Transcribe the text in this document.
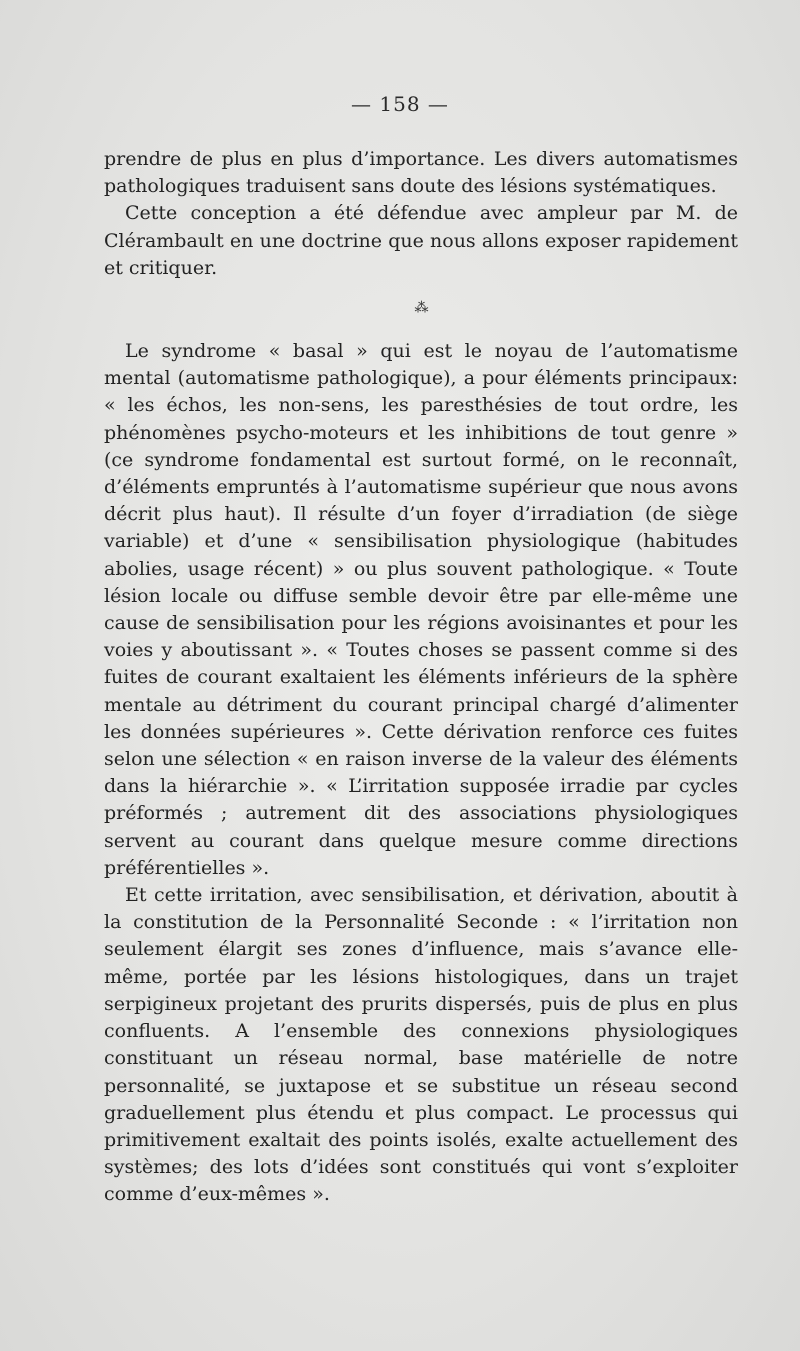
— 158 —

prendre de plus en plus d’importance. Les divers automatismes pathologiques traduisent sans doute des lésions systématiques.

Cette conception a été défendue avec ampleur par M. de Clérambault en une doctrine que nous allons exposer rapidement et critiquer.

⁂

Le syndrome « basal » qui est le noyau de l’automatisme mental (automatisme pathologique), a pour éléments principaux: « les échos, les non-sens, les paresthésies de tout ordre, les phénomènes psycho-moteurs et les inhibitions de tout genre » (ce syndrome fondamental est surtout formé, on le reconnaît, d’éléments empruntés à l’automatisme supérieur que nous avons décrit plus haut). Il résulte d’un foyer d’irradiation (de siège variable) et d’une « sensibilisation physiologique (habitudes abolies, usage récent) » ou plus souvent pathologique. « Toute lésion locale ou diffuse semble devoir être par elle-même une cause de sensibilisation pour les régions avoisinantes et pour les voies y aboutissant ». « Toutes choses se passent comme si des fuites de courant exaltaient les éléments inférieurs de la sphère mentale au détriment du courant principal chargé d’alimenter les données supérieures ». Cette dérivation renforce ces fuites selon une sélection « en raison inverse de la valeur des éléments dans la hiérarchie ». « L’irritation supposée irradie par cycles préformés ; autrement dit des associations physiologiques servent au courant dans quelque mesure comme directions préférentielles ».

Et cette irritation, avec sensibilisation, et dérivation, aboutit à la constitution de la Personnalité Seconde : « l’irritation non seulement élargit ses zones d’influence, mais s’avance elle-même, portée par les lésions histologiques, dans un trajet serpigineux projetant des prurits dispersés, puis de plus en plus confluents. A l’ensemble des connexions physiologiques constituant un réseau normal, base matérielle de notre personnalité, se juxtapose et se substitue un réseau second graduellement plus étendu et plus compact. Le processus qui primitivement exaltait des points isolés, exalte actuellement des systèmes; des lots d’idées sont constitués qui vont s’exploiter comme d’eux-mêmes ».
